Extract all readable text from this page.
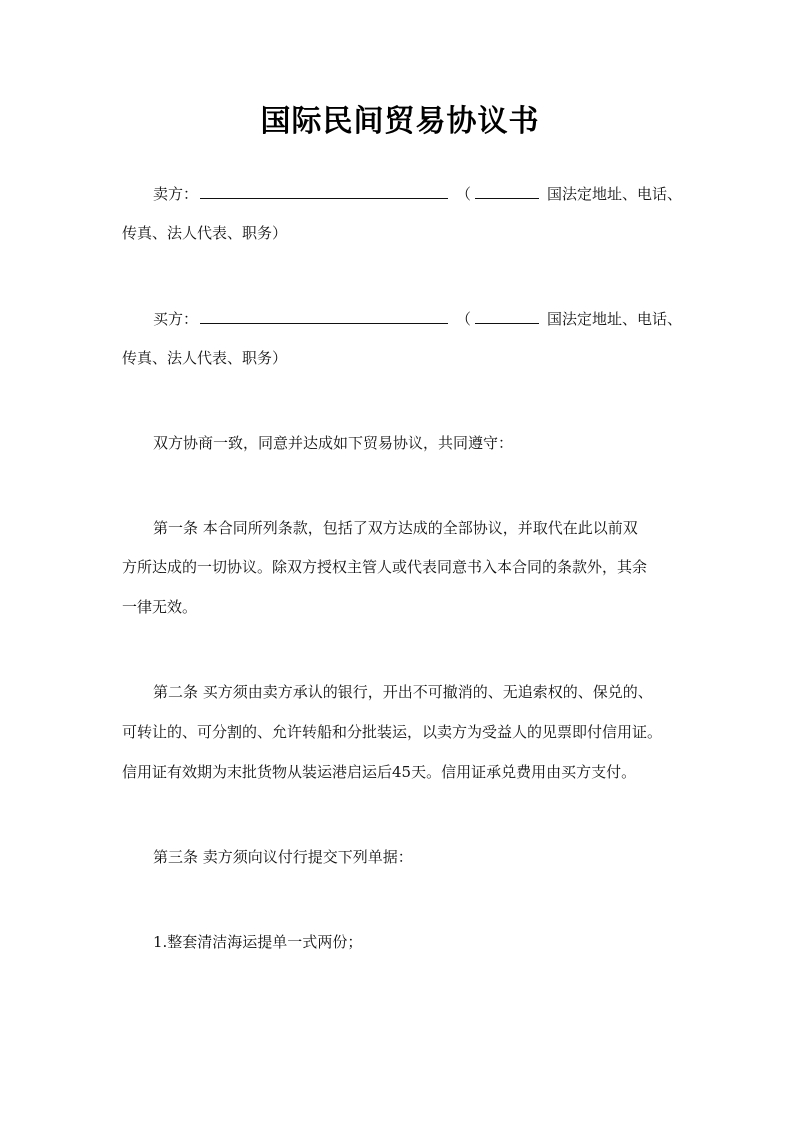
国际民间贸易协议书
卖方：	（	国法定地址、电话、
传真、法人代表、职务）
买方：	（	国法定地址、电话、
传真、法人代表、职务）
双方协商一致，同意并达成如下贸易协议，共同遵守：
第一条 本合同所列条款，包括了双方达成的全部协议，并取代在此以前双
方所达成的一切协议。除双方授权主管人或代表同意书入本合同的条款外，其余
一律无效。
第二条 买方须由卖方承认的银行，开出不可撤消的、无追索权的、保兑的、
可转让的、可分割的、允许转船和分批装运，以卖方为受益人的见票即付信用证。
信用证有效期为末批货物从装运港启运后45天。信用证承兑费用由买方支付。
第三条 卖方须向议付行提交下列单据：
1.整套清洁海运提单一式两份；
